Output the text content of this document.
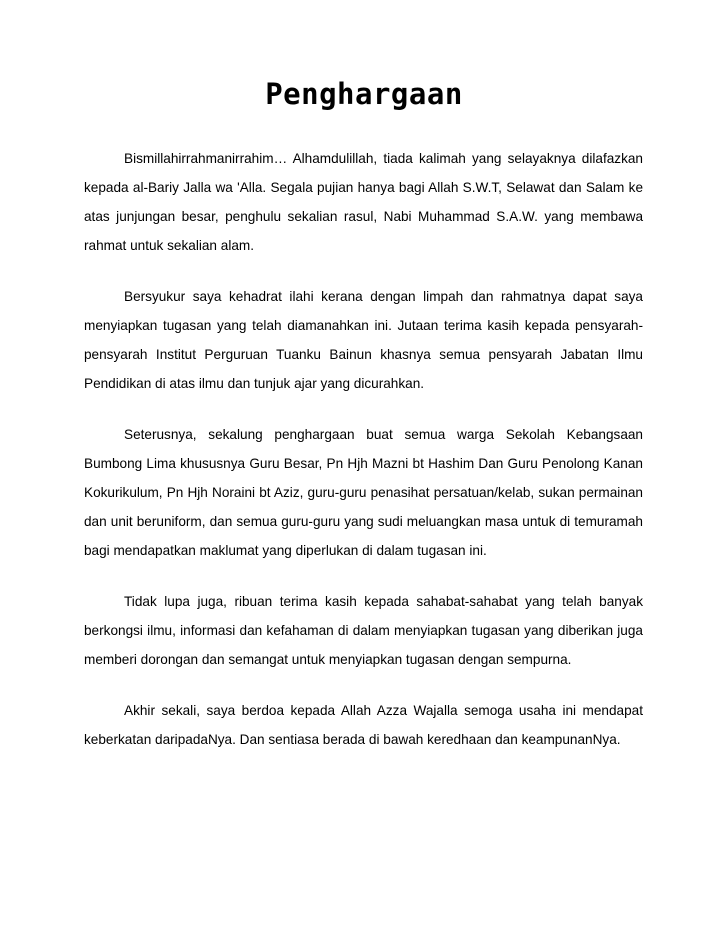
Penghargaan

Bismillahirrahmanirrahim… Alhamdulillah, tiada kalimah yang selayaknya dilafazkan kepada al-Bariy Jalla wa 'Alla. Segala pujian hanya bagi Allah S.W.T, Selawat dan Salam ke atas junjungan besar, penghulu sekalian rasul, Nabi Muhammad S.A.W. yang membawa rahmat untuk sekalian alam.

Bersyukur saya kehadrat ilahi kerana dengan limpah dan rahmatnya dapat saya menyiapkan tugasan yang telah diamanahkan ini. Jutaan terima kasih kepada pensyarah-pensyarah Institut Perguruan Tuanku Bainun khasnya semua pensyarah Jabatan Ilmu Pendidikan di atas ilmu dan tunjuk ajar yang dicurahkan.

Seterusnya, sekalung penghargaan buat semua warga Sekolah Kebangsaan Bumbong Lima khususnya Guru Besar, Pn Hjh Mazni bt Hashim Dan Guru Penolong Kanan Kokurikulum, Pn Hjh Noraini bt Aziz, guru-guru penasihat persatuan/kelab, sukan permainan dan unit beruniform, dan semua guru-guru yang sudi meluangkan masa untuk di temuramah bagi mendapatkan maklumat yang diperlukan di dalam tugasan ini.

Tidak lupa juga, ribuan terima kasih kepada sahabat-sahabat yang telah banyak berkongsi ilmu, informasi dan kefahaman di dalam menyiapkan tugasan yang diberikan juga memberi dorongan dan semangat untuk menyiapkan tugasan dengan sempurna.

Akhir sekali, saya berdoa kepada Allah Azza Wajalla semoga usaha ini mendapat keberkatan daripadaNya. Dan sentiasa berada di bawah keredhaan dan keampunanNya.
